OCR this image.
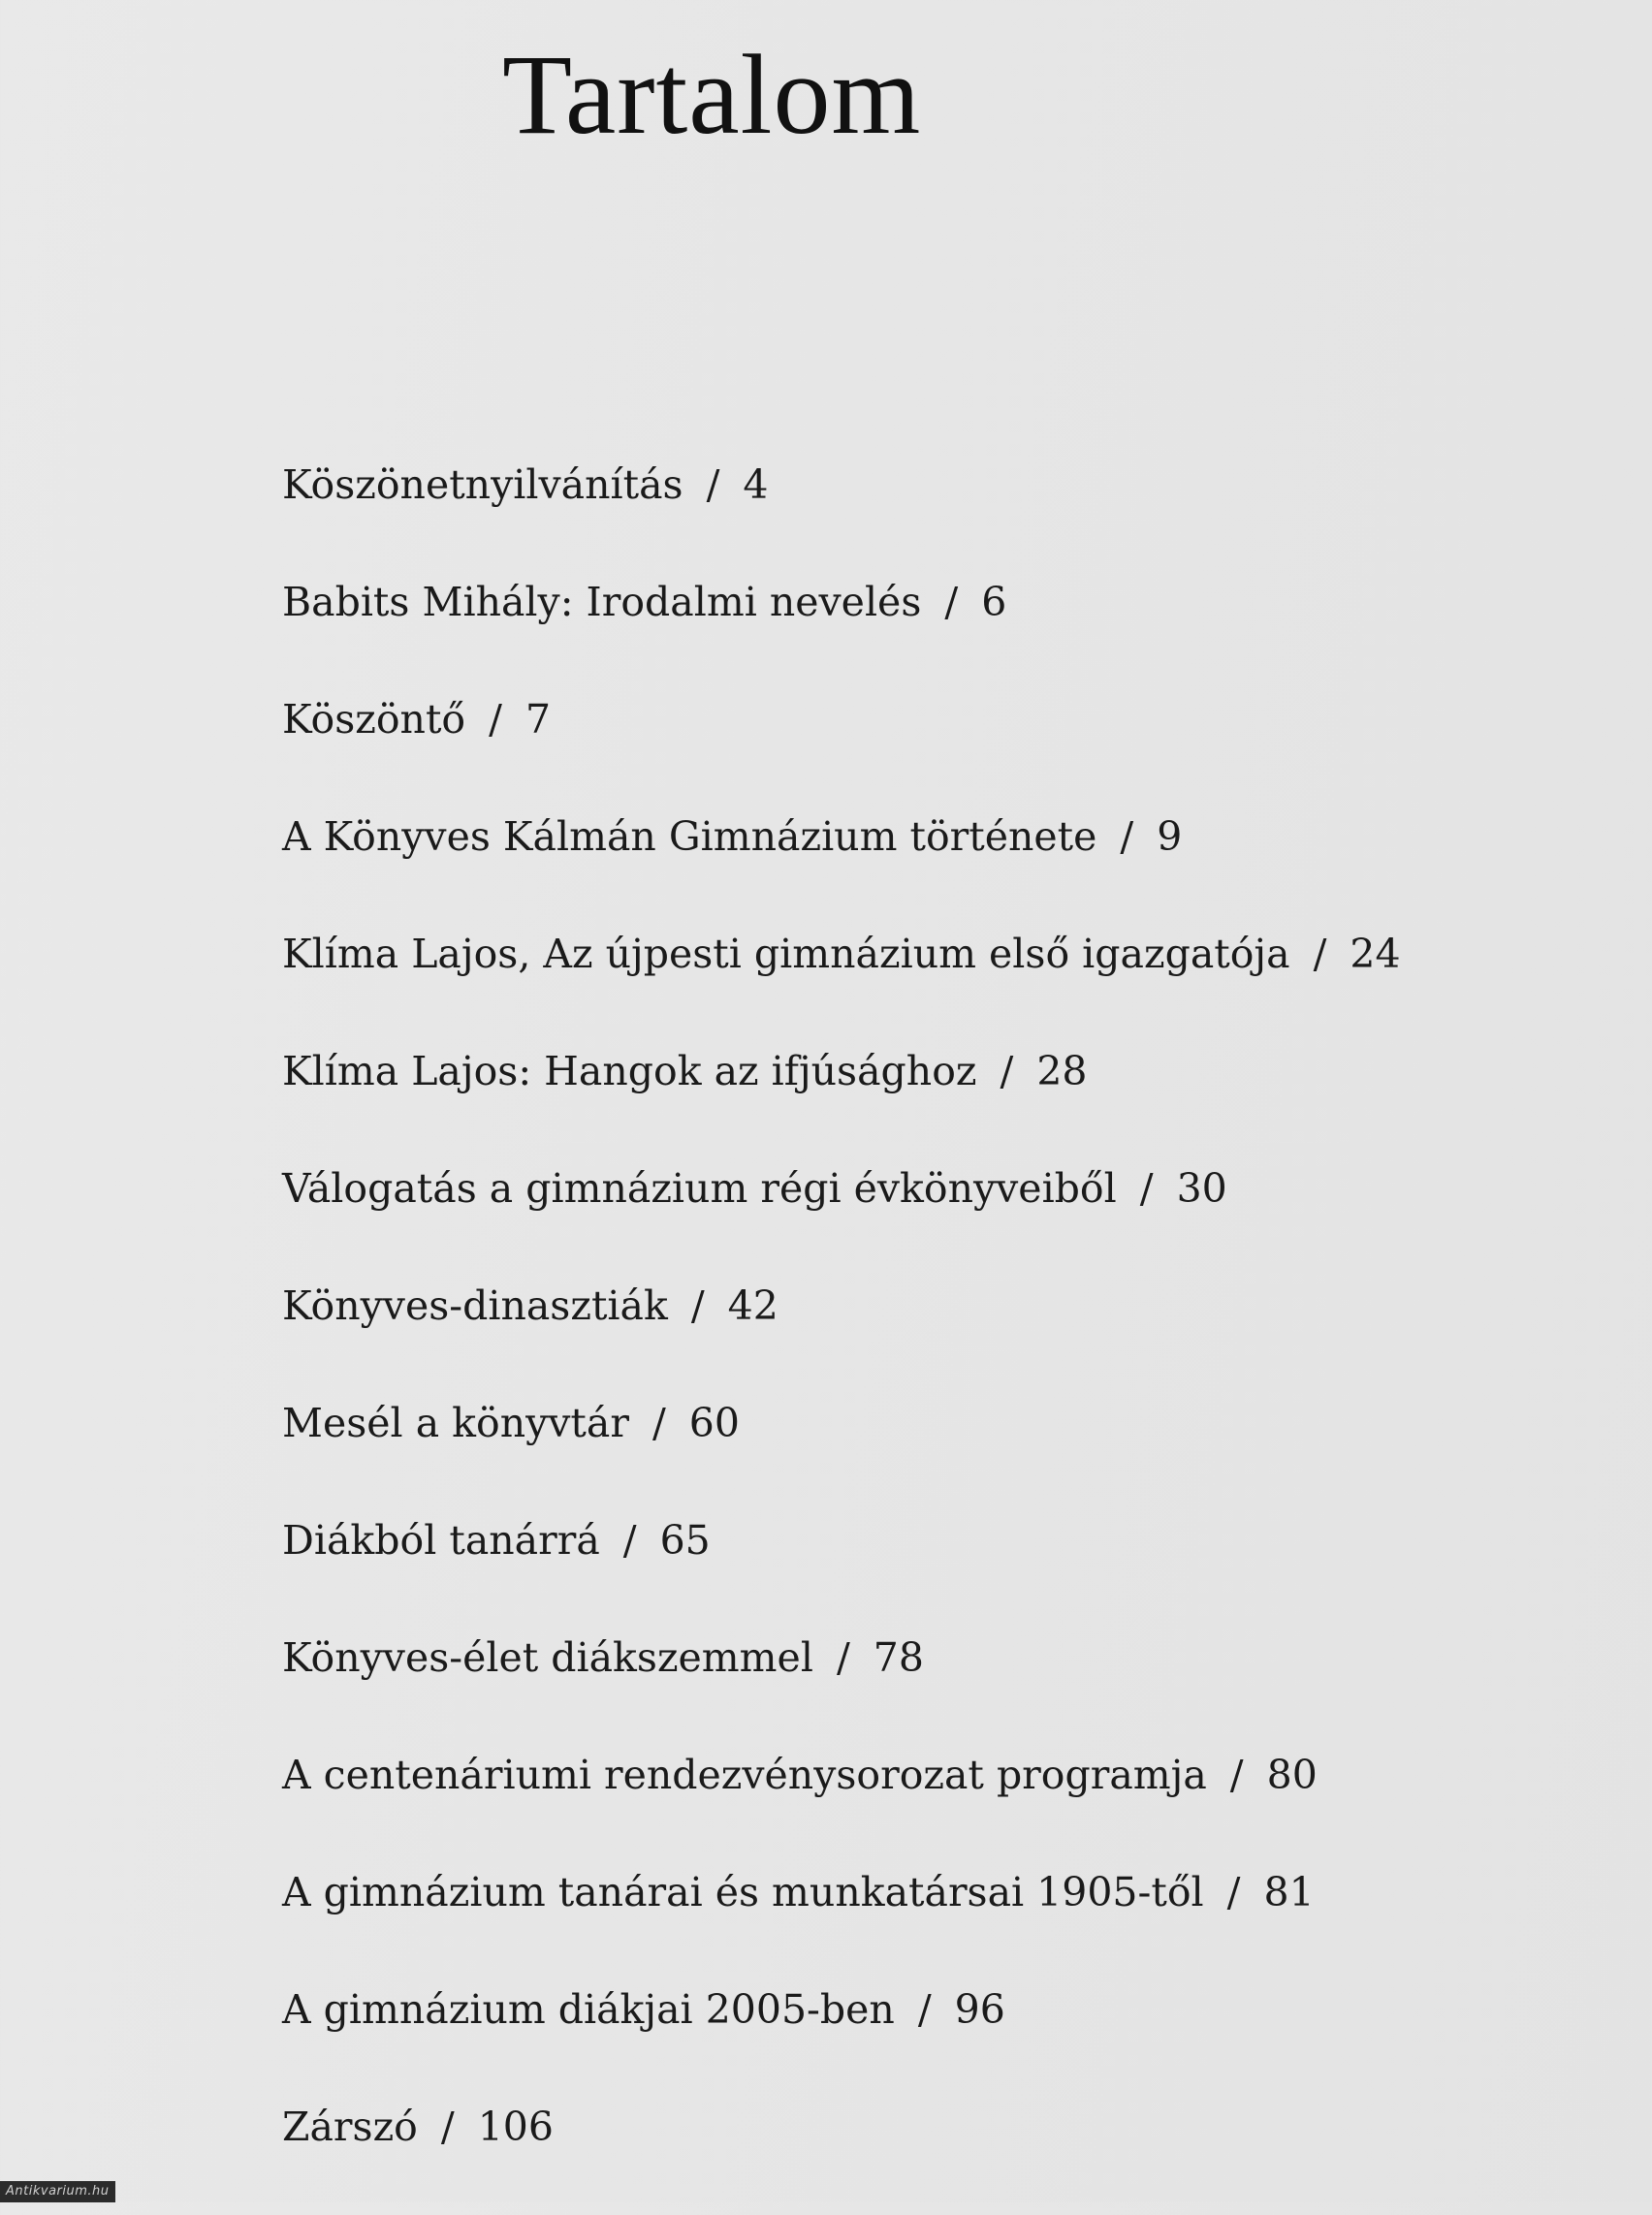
Tartalom
Köszönetnyilvánítás / 4
Babits Mihály: Irodalmi nevelés / 6
Köszöntő / 7
A Könyves Kálmán Gimnázium története / 9
Klíma Lajos, Az újpesti gimnázium első igazgatója / 24
Klíma Lajos: Hangok az ifjúsághoz / 28
Válogatás a gimnázium régi évkönyveiből / 30
Könyves-dinasztiák / 42
Mesél a könyvtár / 60
Diákból tanárrá / 65
Könyves-élet diákszemmel / 78
A centenáriumi rendezvénysorozat programja / 80
A gimnázium tanárai és munkatársai 1905-től / 81
A gimnázium diákjai 2005-ben / 96
Zárszó / 106
Antikvarium.hu
